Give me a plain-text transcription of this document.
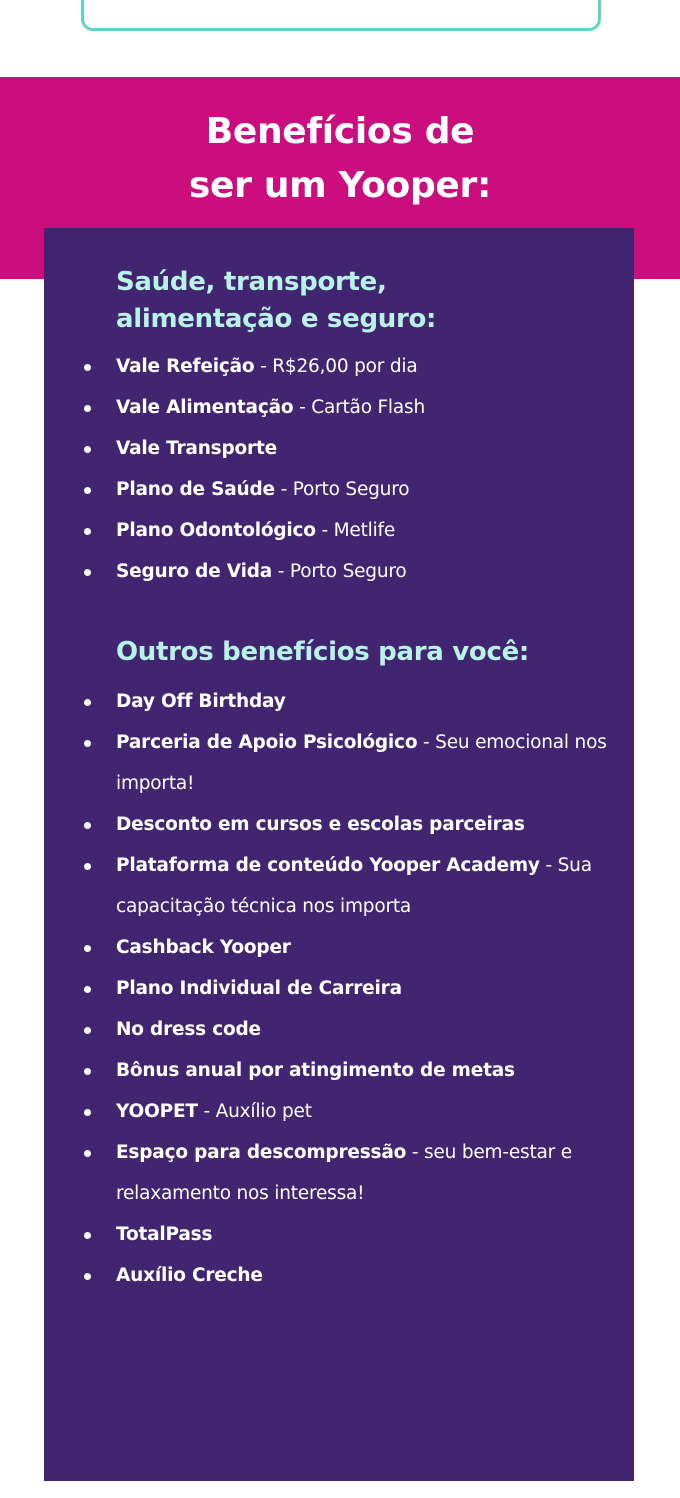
Benefícios de
ser um Yooper:
Saúde, transporte,
alimentação e seguro:
Vale Refeição - R$26,00 por dia
Vale Alimentação - Cartão Flash
Vale Transporte
Plano de Saúde - Porto Seguro
Plano Odontológico - Metlife
Seguro de Vida - Porto Seguro
Outros benefícios para você:
Day Off Birthday
Parceria de Apoio Psicológico - Seu emocional nos importa!
Desconto em cursos e escolas parceiras
Plataforma de conteúdo Yooper Academy - Sua capacitação técnica nos importa
Cashback Yooper
Plano Individual de Carreira
No dress code
Bônus anual por atingimento de metas
YOOPET - Auxílio pet
Espaço para descompressão - seu bem-estar e relaxamento nos interessa!
TotalPass
Auxílio Creche
